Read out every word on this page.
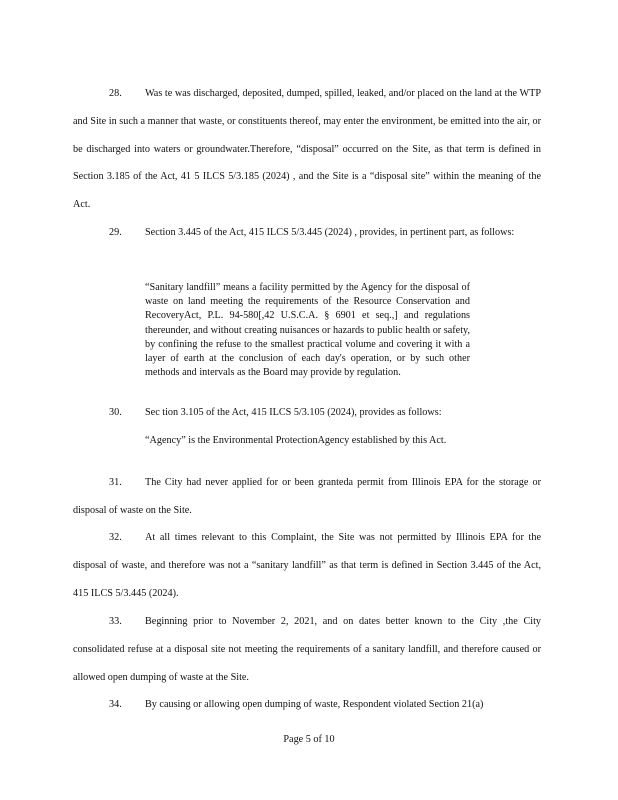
28. Was te was discharged, deposited, dumped, spilled, leaked, and/or placed on the land at the WTP and Site in such a manner that waste, or constituents thereof, may enter the environment, be emitted into the air, or be discharged into waters or groundwater.Therefore, “disposal” occurred on the Site, as that term is defined in Section 3.185 of the Act, 41 5 ILCS 5/3.185 (2024) , and the Site is a “disposal site” within the meaning of the Act.

29. Section 3.445 of the Act, 415 ILCS 5/3.445 (2024) , provides, in pertinent part, as follows:

“Sanitary landfill” means a facility permitted by the Agency for the disposal of waste on land meeting the requirements of the Resource Conservation and RecoveryAct, P.L. 94-580[,42 U.S.C.A. § 6901 et seq.,] and regulations thereunder, and without creating nuisances or hazards to public health or safety, by confining the refuse to the smallest practical volume and covering it with a layer of earth at the conclusion of each day's operation, or by such other methods and intervals as the Board may provide by regulation.

30. Sec tion 3.105 of the Act, 415 ILCS 5/3.105 (2024), provides as follows:

“Agency” is the Environmental ProtectionAgency established by this Act.

31. The City had never applied for or been granteda permit from Illinois EPA for the storage or disposal of waste on the Site.

32. At all times relevant to this Complaint, the Site was not permitted by Illinois EPA for the disposal of waste, and therefore was not a “sanitary landfill” as that term is defined in Section 3.445 of the Act, 415 ILCS 5/3.445 (2024).

33. Beginning prior to November 2, 2021, and on dates better known to the City ,the City consolidated refuse at a disposal site not meeting the requirements of a sanitary landfill, and therefore caused or allowed open dumping of waste at the Site.

34. By causing or allowing open dumping of waste, Respondent violated Section 21(a)

Page 5 of 10
